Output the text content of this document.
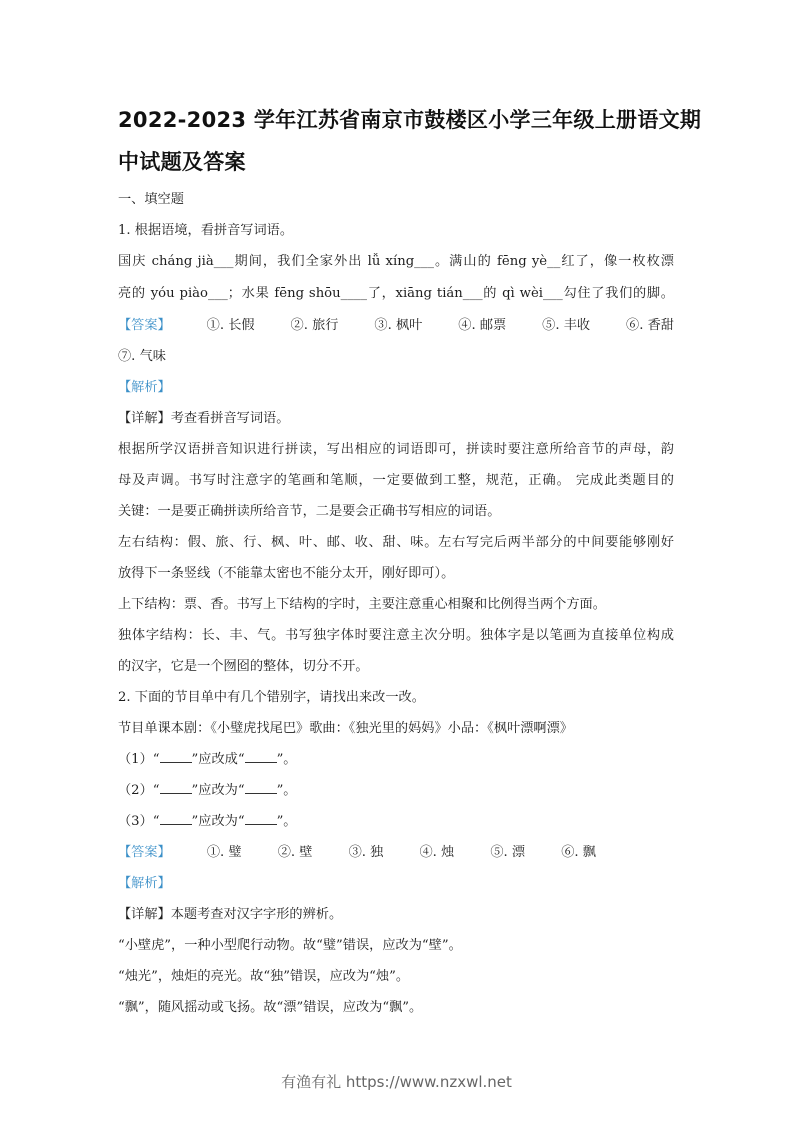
2022-2023 学年江苏省南京市鼓楼区小学三年级上册语文期
中试题及答案
一、填空题
1. 根据语境，看拼音写词语。
国庆 cháng jià___期间，我们全家外出 lǚ xíng___。满山的 fēng yè__红了，像一枚枚漂
亮的 yóu piào___；水果 fēng shōu____了，xiāng tián___的 qì wèi___勾住了我们的脚。
【答案】	①. 长假	②. 旅行	③. 枫叶	④. 邮票	⑤. 丰收	⑥. 香甜
⑦. 气味
【解析】
【详解】考查看拼音写词语。
根据所学汉语拼音知识进行拼读，写出相应的词语即可，拼读时要注意所给音节的声母，韵
母及声调。书写时注意字的笔画和笔顺，一定要做到工整，规范，正确。 完成此类题目的
关键：一是要正确拼读所给音节，二是要会正确书写相应的词语。
左右结构：假、旅、行、枫、叶、邮、收、甜、味。左右写完后两半部分的中间要能够刚好
放得下一条竖线（不能靠太密也不能分太开，刚好即可）。
上下结构：票、香。书写上下结构的字时，主要注意重心相聚和比例得当两个方面。
独体字结构：长、丰、气。书写独字体时要注意主次分明。独体字是以笔画为直接单位构成
的汉字，它是一个囫囵的整体，切分不开。
2. 下面的节目单中有几个错别字，请找出来改一改。
节目单课本剧：《小璧虎找尾巴》歌曲：《独光里的妈妈》小品：《枫叶漂啊漂》
（1）“ ”应改成“ ”。
（2）“ ”应改为“ ”。
（3）“ ”应改为“ ”。
【答案】	①. 璧	②. 壁	③. 独	④. 烛	⑤. 漂	⑥. 飘
【解析】
【详解】本题考查对汉字字形的辨析。
“小壁虎”，一种小型爬行动物。故“璧”错误，应改为“壁”。
“烛光”，烛炬的亮光。故“独”错误，应改为“烛”。
“飘”，随风摇动或飞扬。故“漂”错误，应改为“飘”。
有渔有礼 https://www.nzxwl.net
